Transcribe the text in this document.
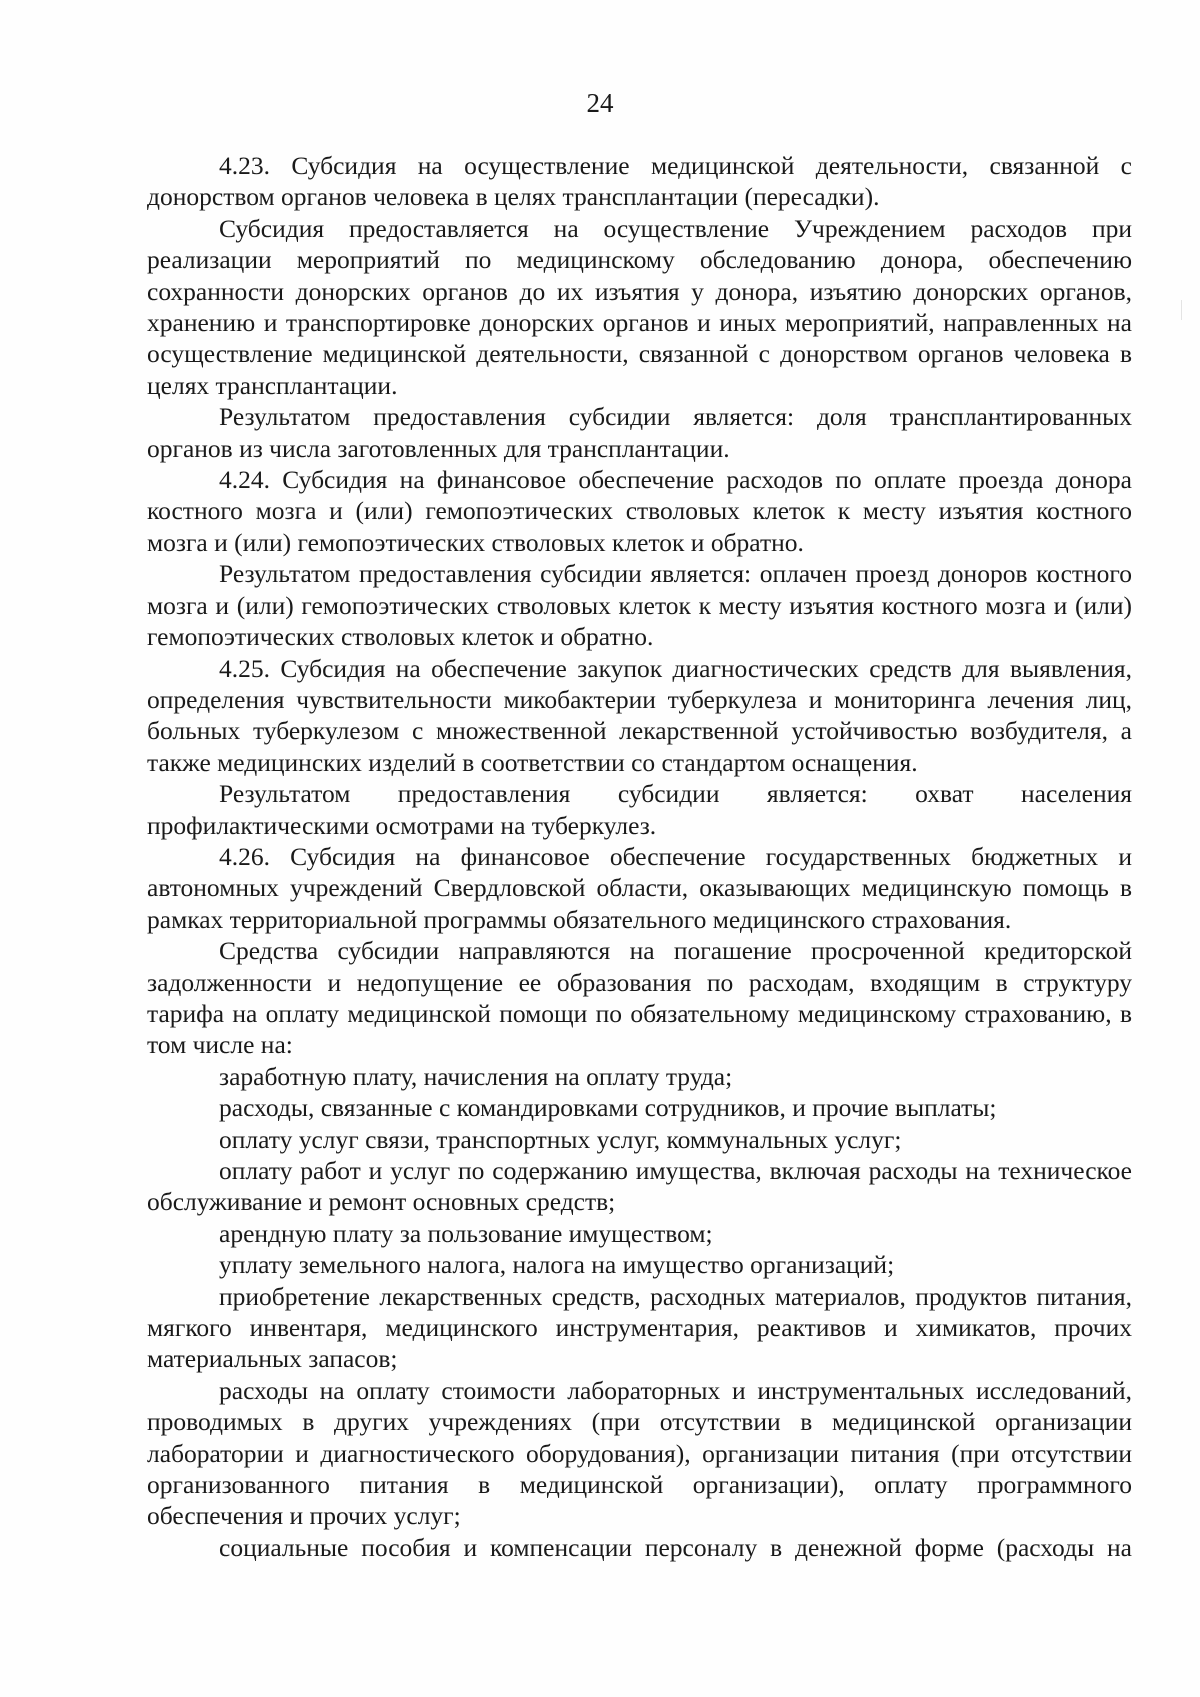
24

4.23. Субсидия на осуществление медицинской деятельности, связанной с донорством органов человека в целях трансплантации (пересадки).

Субсидия предоставляется на осуществление Учреждением расходов при реализации мероприятий по медицинскому обследованию донора, обеспечению сохранности донорских органов до их изъятия у донора, изъятию донорских органов, хранению и транспортировке донорских органов и иных мероприятий, направленных на осуществление медицинской деятельности, связанной с донорством органов человека в целях трансплантации.

Результатом предоставления субсидии является: доля трансплантированных органов из числа заготовленных для трансплантации.

4.24. Субсидия на финансовое обеспечение расходов по оплате проезда донора костного мозга и (или) гемопоэтических стволовых клеток к месту изъятия костного мозга и (или) гемопоэтических стволовых клеток и обратно.

Результатом предоставления субсидии является: оплачен проезд доноров костного мозга и (или) гемопоэтических стволовых клеток к месту изъятия костного мозга и (или) гемопоэтических стволовых клеток и обратно.

4.25. Субсидия на обеспечение закупок диагностических средств для выявления, определения чувствительности микобактерии туберкулеза и мониторинга лечения лиц, больных туберкулезом с множественной лекарственной устойчивостью возбудителя, а также медицинских изделий в соответствии со стандартом оснащения.

Результатом предоставления субсидии является: охват населения профилактическими осмотрами на туберкулез.

4.26. Субсидия на финансовое обеспечение государственных бюджетных и автономных учреждений Свердловской области, оказывающих медицинскую помощь в рамках территориальной программы обязательного медицинского страхования.

Средства субсидии направляются на погашение просроченной кредиторской задолженности и недопущение ее образования по расходам, входящим в структуру тарифа на оплату медицинской помощи по обязательному медицинскому страхованию, в том числе на:

заработную плату, начисления на оплату труда;

расходы, связанные с командировками сотрудников, и прочие выплаты;

оплату услуг связи, транспортных услуг, коммунальных услуг;

оплату работ и услуг по содержанию имущества, включая расходы на техническое обслуживание и ремонт основных средств;

арендную плату за пользование имуществом;

уплату земельного налога, налога на имущество организаций;

приобретение лекарственных средств, расходных материалов, продуктов питания, мягкого инвентаря, медицинского инструментария, реактивов и химикатов, прочих материальных запасов;

расходы на оплату стоимости лабораторных и инструментальных исследований, проводимых в других учреждениях (при отсутствии в медицинской организации лаборатории и диагностического оборудования), организации питания (при отсутствии организованного питания в медицинской организации), оплату программного обеспечения и прочих услуг;

социальные пособия и компенсации персоналу в денежной форме (расходы на
